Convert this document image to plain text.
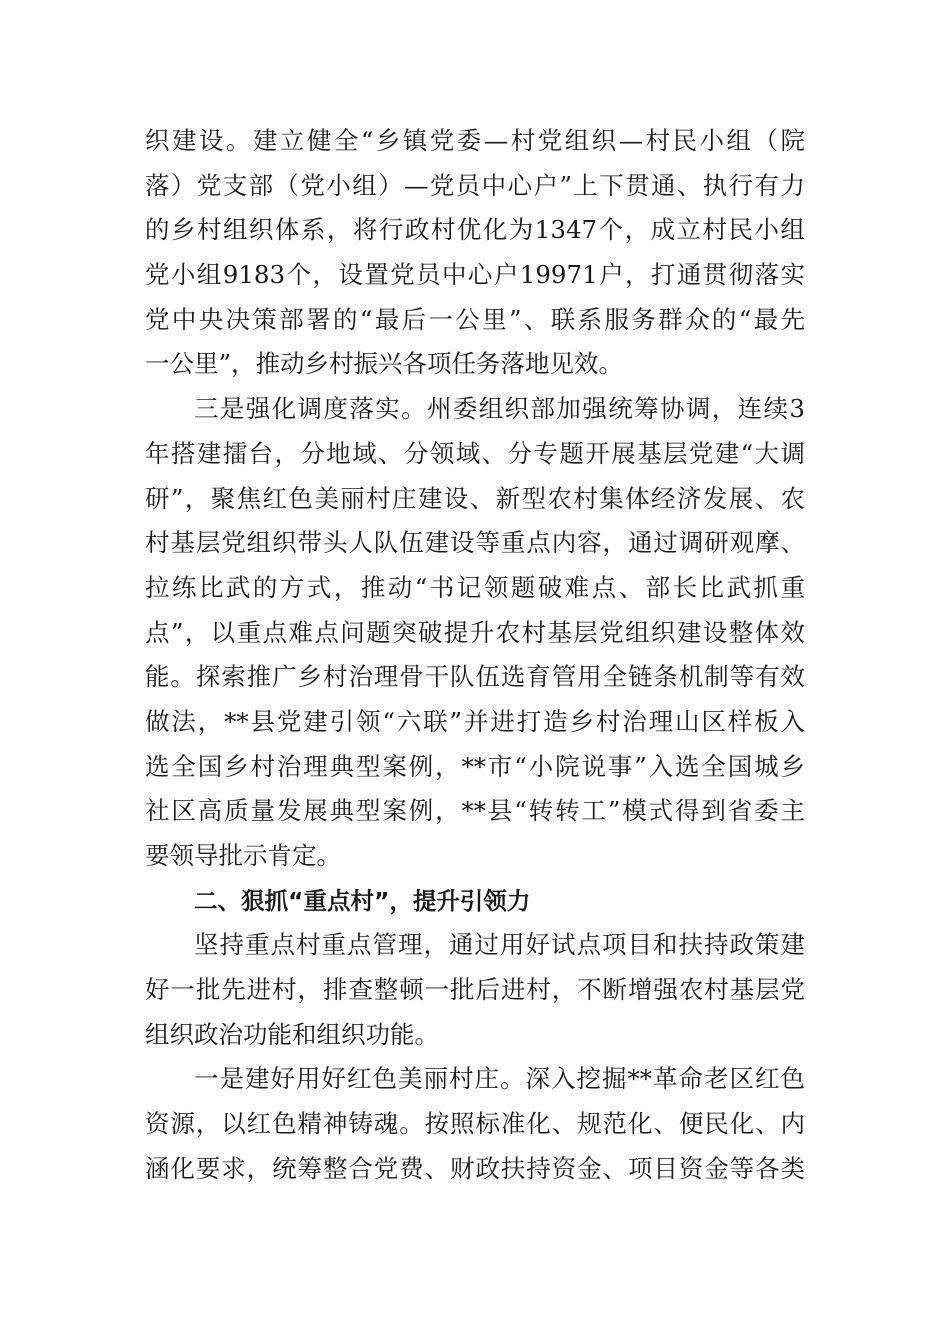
织建设。建立健全“乡镇党委—村党组织—村民小组（院
落）党支部（党小组）—党员中心户”上下贯通、执行有力
的乡村组织体系，将行政村优化为1347个，成立村民小组
党小组9183个，设置党员中心户19971户，打通贯彻落实
党中央决策部署的“最后一公里”、联系服务群众的“最先
一公里”，推动乡村振兴各项任务落地见效。
三是强化调度落实。州委组织部加强统筹协调，连续3
年搭建擂台，分地域、分领域、分专题开展基层党建“大调
研”，聚焦红色美丽村庄建设、新型农村集体经济发展、农
村基层党组织带头人队伍建设等重点内容，通过调研观摩、
拉练比武的方式，推动“书记领题破难点、部长比武抓重
点”，以重点难点问题突破提升农村基层党组织建设整体效
能。探索推广乡村治理骨干队伍选育管用全链条机制等有效
做法，**县党建引领“六联”并进打造乡村治理山区样板入
选全国乡村治理典型案例，**市“小院说事”入选全国城乡
社区高质量发展典型案例，**县“转转工”模式得到省委主
要领导批示肯定。
二、狠抓“重点村”，提升引领力
坚持重点村重点管理，通过用好试点项目和扶持政策建
好一批先进村，排查整顿一批后进村，不断增强农村基层党
组织政治功能和组织功能。
一是建好用好红色美丽村庄。深入挖掘**革命老区红色
资源，以红色精神铸魂。按照标准化、规范化、便民化、内
涵化要求，统筹整合党费、财政扶持资金、项目资金等各类
